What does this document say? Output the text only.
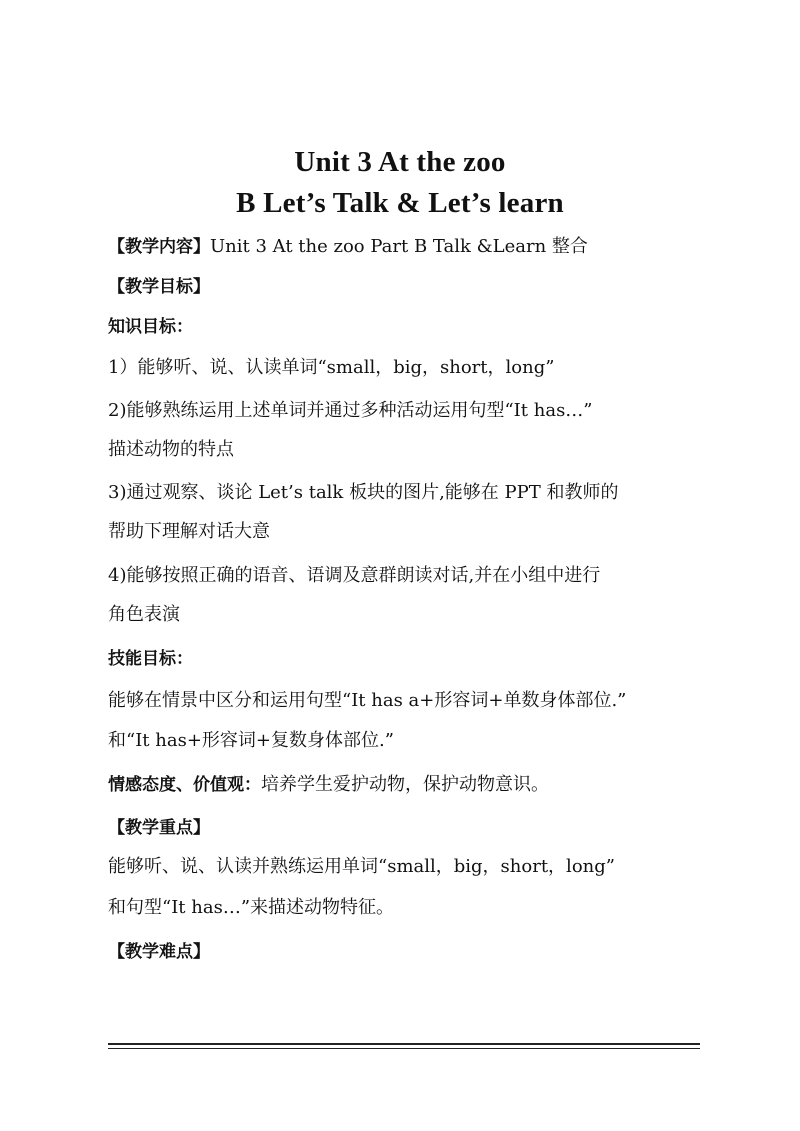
Unit 3 At the zoo
B Let’s Talk & Let’s learn
【教学内容】Unit 3 At the zoo Part B Talk &Learn 整合
【教学目标】
知识目标：
1）能够听、说、认读单词“small，big，short，long”
2)能够熟练运用上述单词并通过多种活动运用句型“It has…”
描述动物的特点
3)通过观察、谈论 Let’s talk 板块的图片,能够在 PPT 和教师的
帮助下理解对话大意
4)能够按照正确的语音、语调及意群朗读对话,并在小组中进行
角色表演
技能目标：
能够在情景中区分和运用句型“It has a+形容词+单数身体部位.”
和“It has+形容词+复数身体部位.”
情感态度、价值观：培养学生爱护动物，保护动物意识。
【教学重点】
能够听、说、认读并熟练运用单词“small，big，short，long”
和句型“It has…”来描述动物特征。
【教学难点】
